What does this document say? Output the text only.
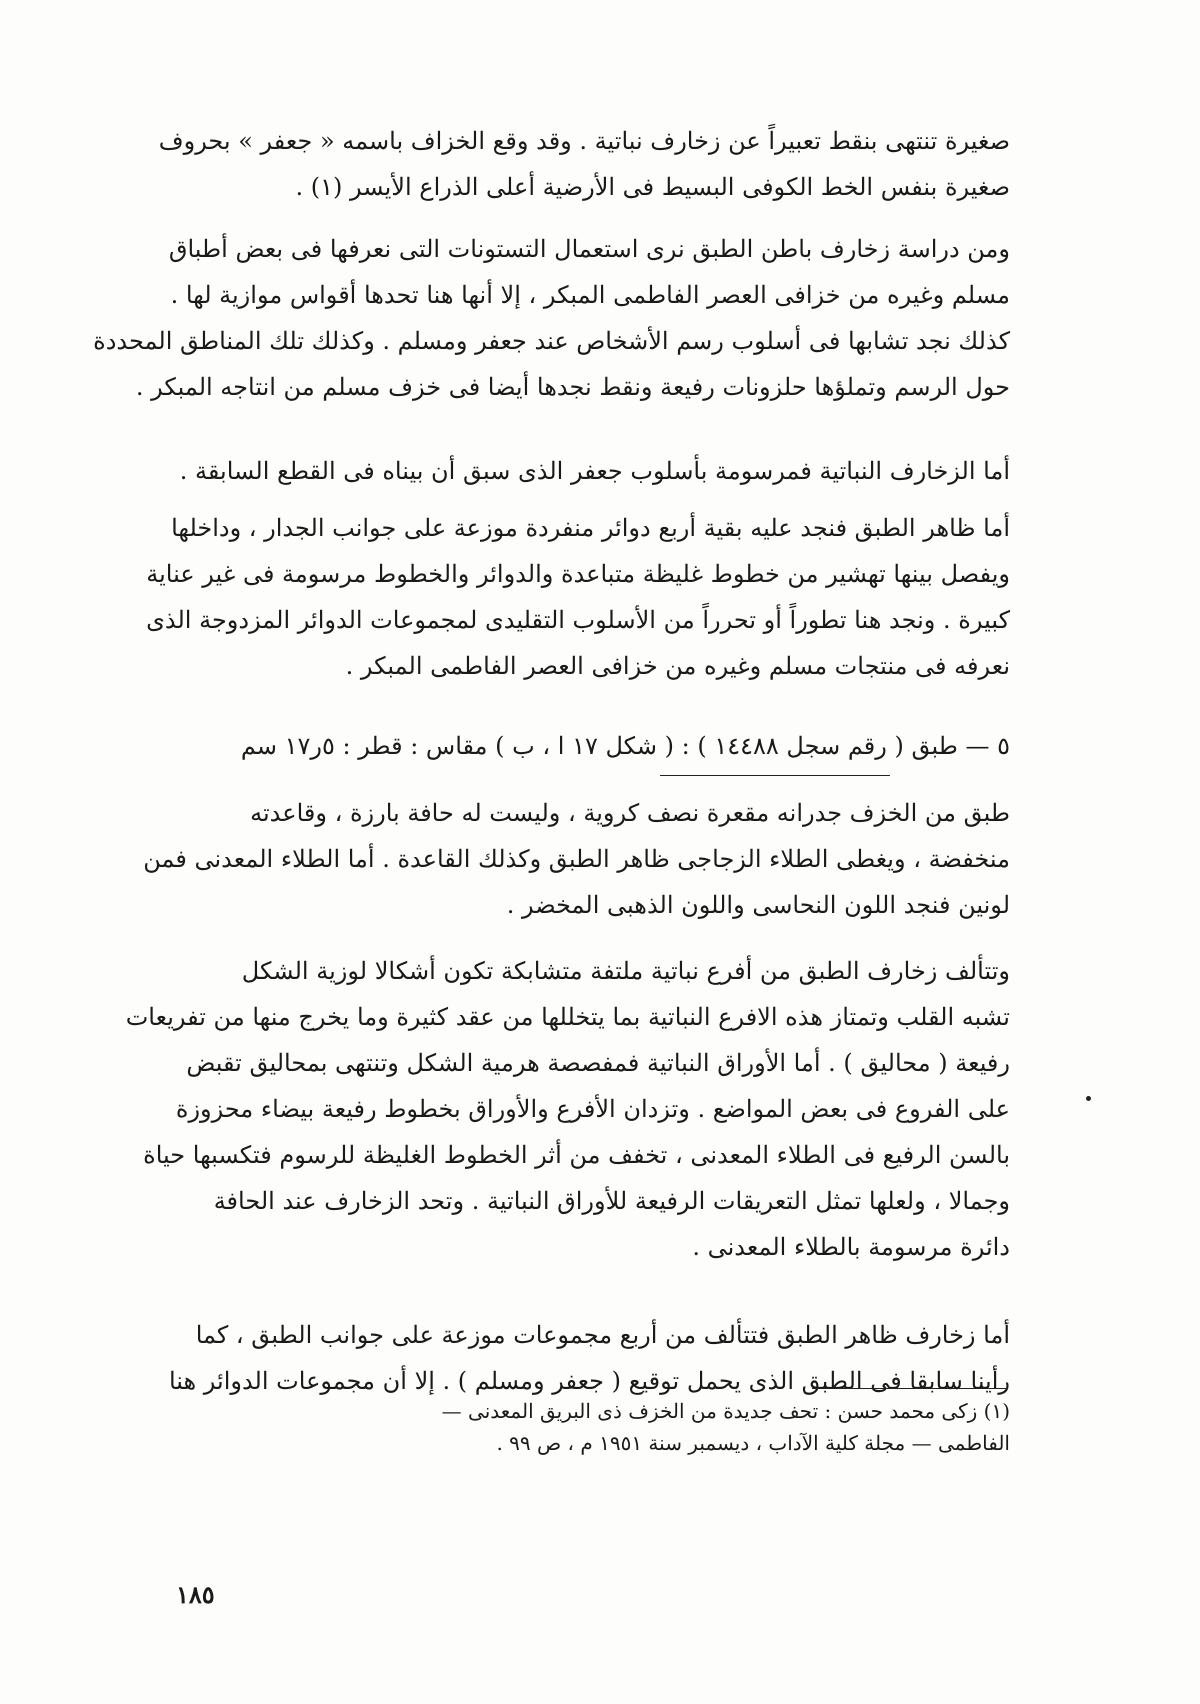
صغيرة تنتهى بنقط تعبيراً عن زخارف نباتية . وقد وقع الخزاف باسمه « جعفر » بحروف
صغيرة بنفس الخط الكوفى البسيط فى الأرضية أعلى الذراع الأيسر (١) .
ومن دراسة زخارف باطن الطبق نرى استعمال التستونات التى نعرفها فى بعض أطباق
مسلم وغيره من خزافى العصر الفاطمى المبكر ، إلا أنها هنا تحدها أقواس موازية لها .
كذلك نجد تشابها فى أسلوب رسم الأشخاص عند جعفر ومسلم . وكذلك تلك المناطق المحددة
حول الرسم وتملؤها حلزونات رفيعة ونقط نجدها أيضا فى خزف مسلم من انتاجه المبكر .
أما الزخارف النباتية فمرسومة بأسلوب جعفر الذى سبق أن بيناه فى القطع السابقة .
أما ظاهر الطبق فنجد عليه بقية أربع دوائر منفردة موزعة على جوانب الجدار ، وداخلها
ويفصل بينها تهشير من خطوط غليظة متباعدة والدوائر والخطوط مرسومة فى غير عناية
كبيرة . ونجد هنا تطوراً أو تحرراً من الأسلوب التقليدى لمجموعات الدوائر المزدوجة الذى
نعرفه فى منتجات مسلم وغيره من خزافى العصر الفاطمى المبكر .
٥ — طبق ( رقم سجل ١٤٤٨٨ ) : ( شكل ١٧ ا ، ب ) مقاس : قطر : ٥ر١٧ سم
طبق من الخزف جدرانه مقعرة نصف كروية ، وليست له حافة بارزة ، وقاعدته
منخفضة ، ويغطى الطلاء الزجاجى ظاهر الطبق وكذلك القاعدة . أما الطلاء المعدنى فمن
لونين فنجد اللون النحاسى واللون الذهبى المخضر .
وتتألف زخارف الطبق من أفرع نباتية ملتفة متشابكة تكون أشكالا لوزية الشكل
تشبه القلب وتمتاز هذه الافرع النباتية بما يتخللها من عقد كثيرة وما يخرج منها من تفريعات
رفيعة ( محاليق ) . أما الأوراق النباتية فمفصصة هرمية الشكل وتنتهى بمحاليق تقبض
على الفروع فى بعض المواضع . وتزدان الأفرع والأوراق بخطوط رفيعة بيضاء محزوزة
بالسن الرفيع فى الطلاء المعدنى ، تخفف من أثر الخطوط الغليظة للرسوم فتكسبها حياة
وجمالا ، ولعلها تمثل التعريقات الرفيعة للأوراق النباتية . وتحد الزخارف عند الحافة
دائرة مرسومة بالطلاء المعدنى .
أما زخارف ظاهر الطبق فتتألف من أربع مجموعات موزعة على جوانب الطبق ، كما
رأينا سابقا فى الطبق الذى يحمل توقيع ( جعفر ومسلم ) . إلا أن مجموعات الدوائر هنا
(١) زكى محمد حسن : تحف جديدة من الخزف ذى البريق المعدنى —
الفاطمى — مجلة كلية الآداب ، ديسمبر سنة ١٩٥١ م ، ص ٩٩ .
١٨٥
